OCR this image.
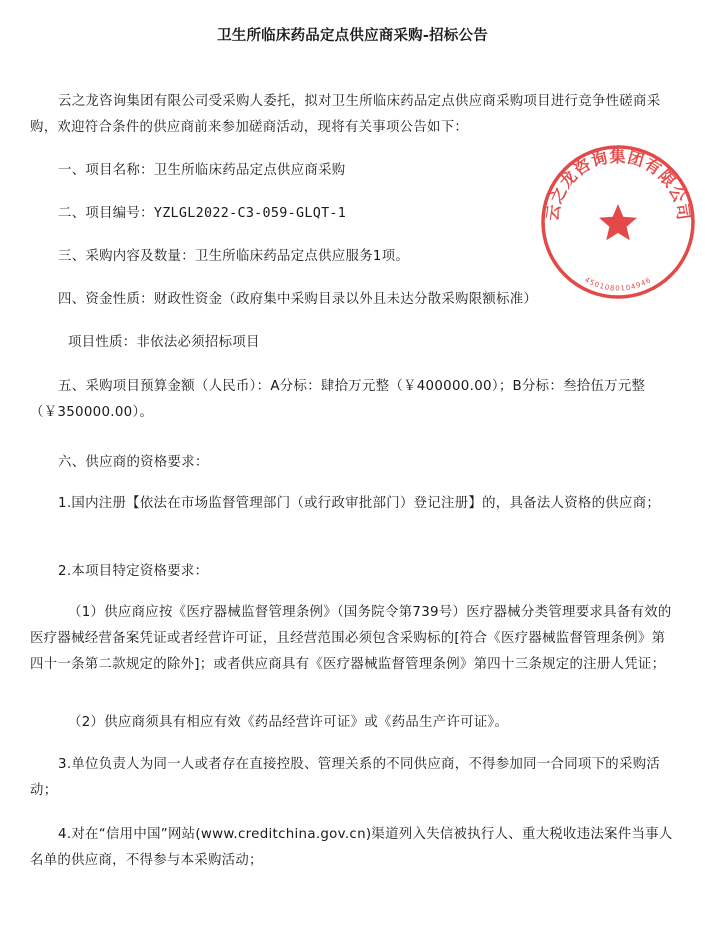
卫生所临床药品定点供应商采购-招标公告

云之龙咨询集团有限公司受采购人委托，拟对卫生所临床药品定点供应商采购项目进行竞争性磋商采购，欢迎符合条件的供应商前来参加磋商活动，现将有关事项公告如下：

一、项目名称：卫生所临床药品定点供应商采购

二、项目编号：YZLGL2022-C3-059-GLQT-1

三、采购内容及数量：卫生所临床药品定点供应服务1项。

四、资金性质：财政性资金（政府集中采购目录以外且未达分散采购限额标准）

项目性质：非依法必须招标项目

五、采购项目预算金额（人民币）：A分标：肆拾万元整（￥400000.00）；B分标：叁拾伍万元整（￥350000.00）。

六、供应商的资格要求：

1.国内注册【依法在市场监督管理部门（或行政审批部门）登记注册】的，具备法人资格的供应商；

2.本项目特定资格要求：

（1）供应商应按《医疗器械监督管理条例》（国务院令第739号）医疗器械分类管理要求具备有效的医疗器械经营备案凭证或者经营许可证，且经营范围必须包含采购标的[符合《医疗器械监督管理条例》第四十一条第二款规定的除外]；或者供应商具有《医疗器械监督管理条例》第四十三条规定的注册人凭证；

（2）供应商须具有相应有效《药品经营许可证》或《药品生产许可证》。

3.单位负责人为同一人或者存在直接控股、管理关系的不同供应商，不得参加同一合同项下的采购活动；

4.对在“信用中国”网站(www.creditchina.gov.cn)渠道列入失信被执行人、重大税收违法案件当事人名单的供应商，不得参与本采购活动；

云之龙咨询集团有限公司
4501080104946
